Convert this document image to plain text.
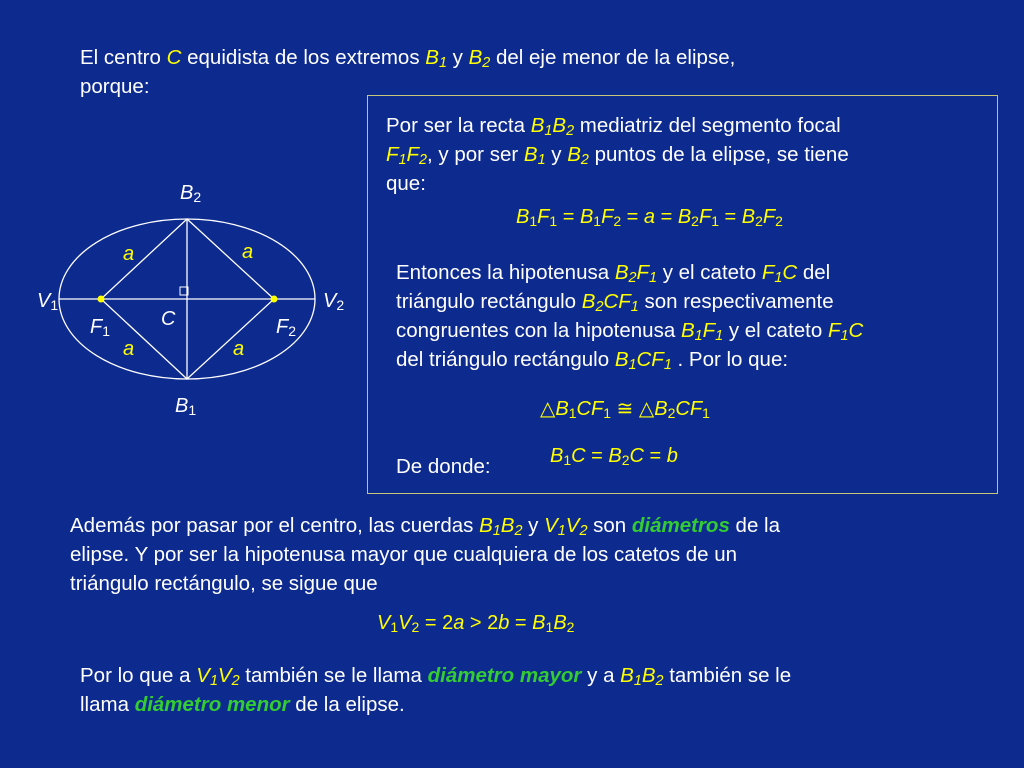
El centro C equidista de los extremos $B_1$ y $B_2$ del eje menor de la elipse,
porque:

$B_2$
$B_1$
$V_1$	$V_2$
$F_1$	$F_2$
C
a	a
a	a

Por ser la recta $B_1B_2$ mediatriz del segmento focal
$F_1F_2$, y por ser $B_1$ y $B_2$ puntos de la elipse, se tiene
que:

$B_1F_1 = B_1F_2 = a = B_2F_1 = B_2F_2$

Entonces la hipotenusa $B_2F_1$ y el cateto $F_1C$ del
triángulo rectángulo $B_2CF_1$ son respectivamente
congruentes con la hipotenusa $B_1F_1$ y el cateto $F_1C$
del triángulo rectángulo $B_1CF_1$ . Por lo que:

$\triangle B_1CF_1$ ≅ $\triangle B_2CF_1$

De donde:	$B_1C = B_2C = b$

Además por pasar por el centro, las cuerdas $B_1B_2$ y $V_1V_2$ son diámetros de la
elipse. Y por ser la hipotenusa mayor que cualquiera de los catetos de un
triángulo rectángulo, se sigue que

$V_1V_2 = 2a > 2b = B_1B_2$

Por lo que a $V_1V_2$ también se le llama diámetro mayor y a $B_1B_2$ también se le
llama diámetro menor de la elipse.
